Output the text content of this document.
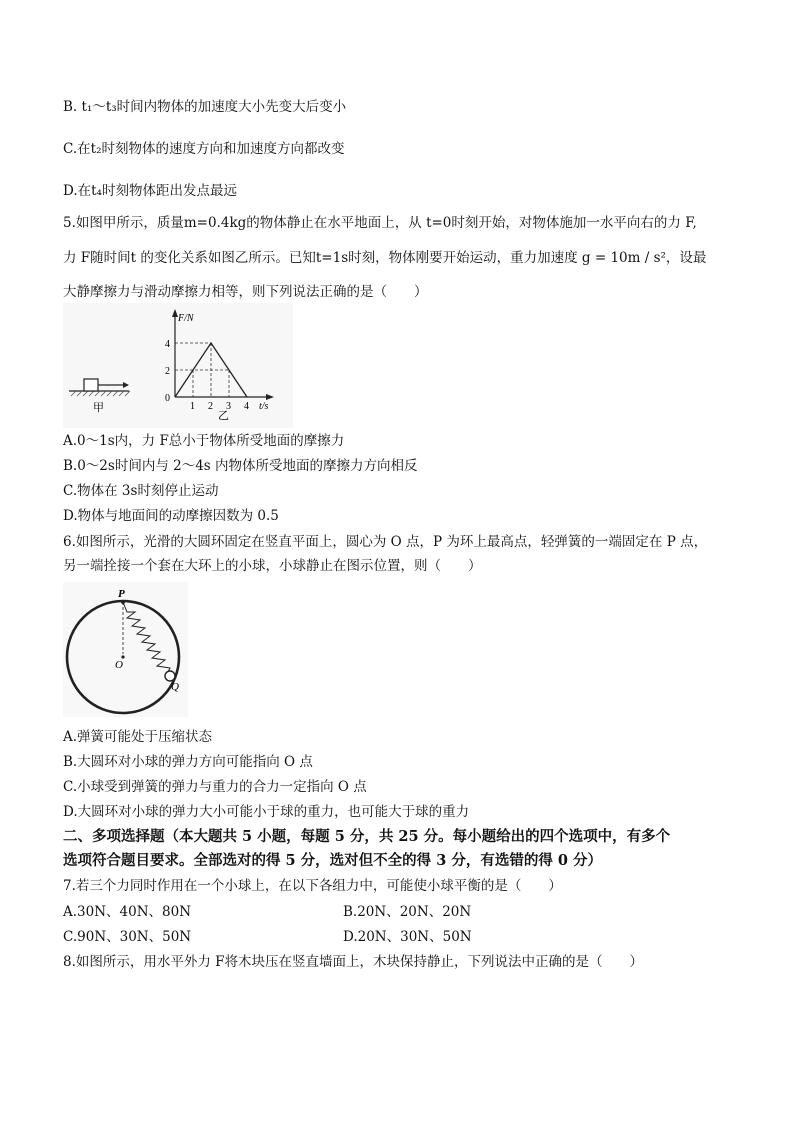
B. t₁～t₃时间内物体的加速度大小先变大后变小
C.在t₂时刻物体的速度方向和加速度方向都改变
D.在t₄时刻物体距出发点最远
5.如图甲所示，质量m=0.4kg的物体静止在水平地面上，从 t=0时刻开始，对物体施加一水平向右的力 F,
力 F随时间t 的变化关系如图乙所示。已知t=1s时刻，物体刚要开始运动，重力加速度 g = 10m / s²，设最
大静摩擦力与滑动摩擦力相等，则下列说法正确的是（　　）
甲
F/N
t/s
4
2
0
1 2 3 4
乙
A.0～1s内，力 F总小于物体所受地面的摩擦力
B.0～2s时间内与 2～4s 内物体所受地面的摩擦力方向相反
C.物体在 3s时刻停止运动
D.物体与地面间的动摩擦因数为 0.5
6.如图所示，光滑的大圆环固定在竖直平面上，圆心为 O 点，P 为环上最高点，轻弹簧的一端固定在 P 点，
另一端拴接一个套在大环上的小球，小球静止在图示位置，则（　　）
P
O
Q
A.弹簧可能处于压缩状态
B.大圆环对小球的弹力方向可能指向 O 点
C.小球受到弹簧的弹力与重力的合力一定指向 O 点
D.大圆环对小球的弹力大小可能小于球的重力，也可能大于球的重力
二、多项选择题（本大题共 5 小题，每题 5 分，共 25 分。每小题给出的四个选项中，有多个
选项符合题目要求。全部选对的得 5 分，选对但不全的得 3 分，有选错的得 0 分）
7.若三个力同时作用在一个小球上，在以下各组力中，可能使小球平衡的是（　　）
A.30N、40N、80N	B.20N、20N、20N
C.90N、30N、50N	D.20N、30N、50N
8.如图所示，用水平外力 F将木块压在竖直墙面上，木块保持静止，下列说法中正确的是（　　）
